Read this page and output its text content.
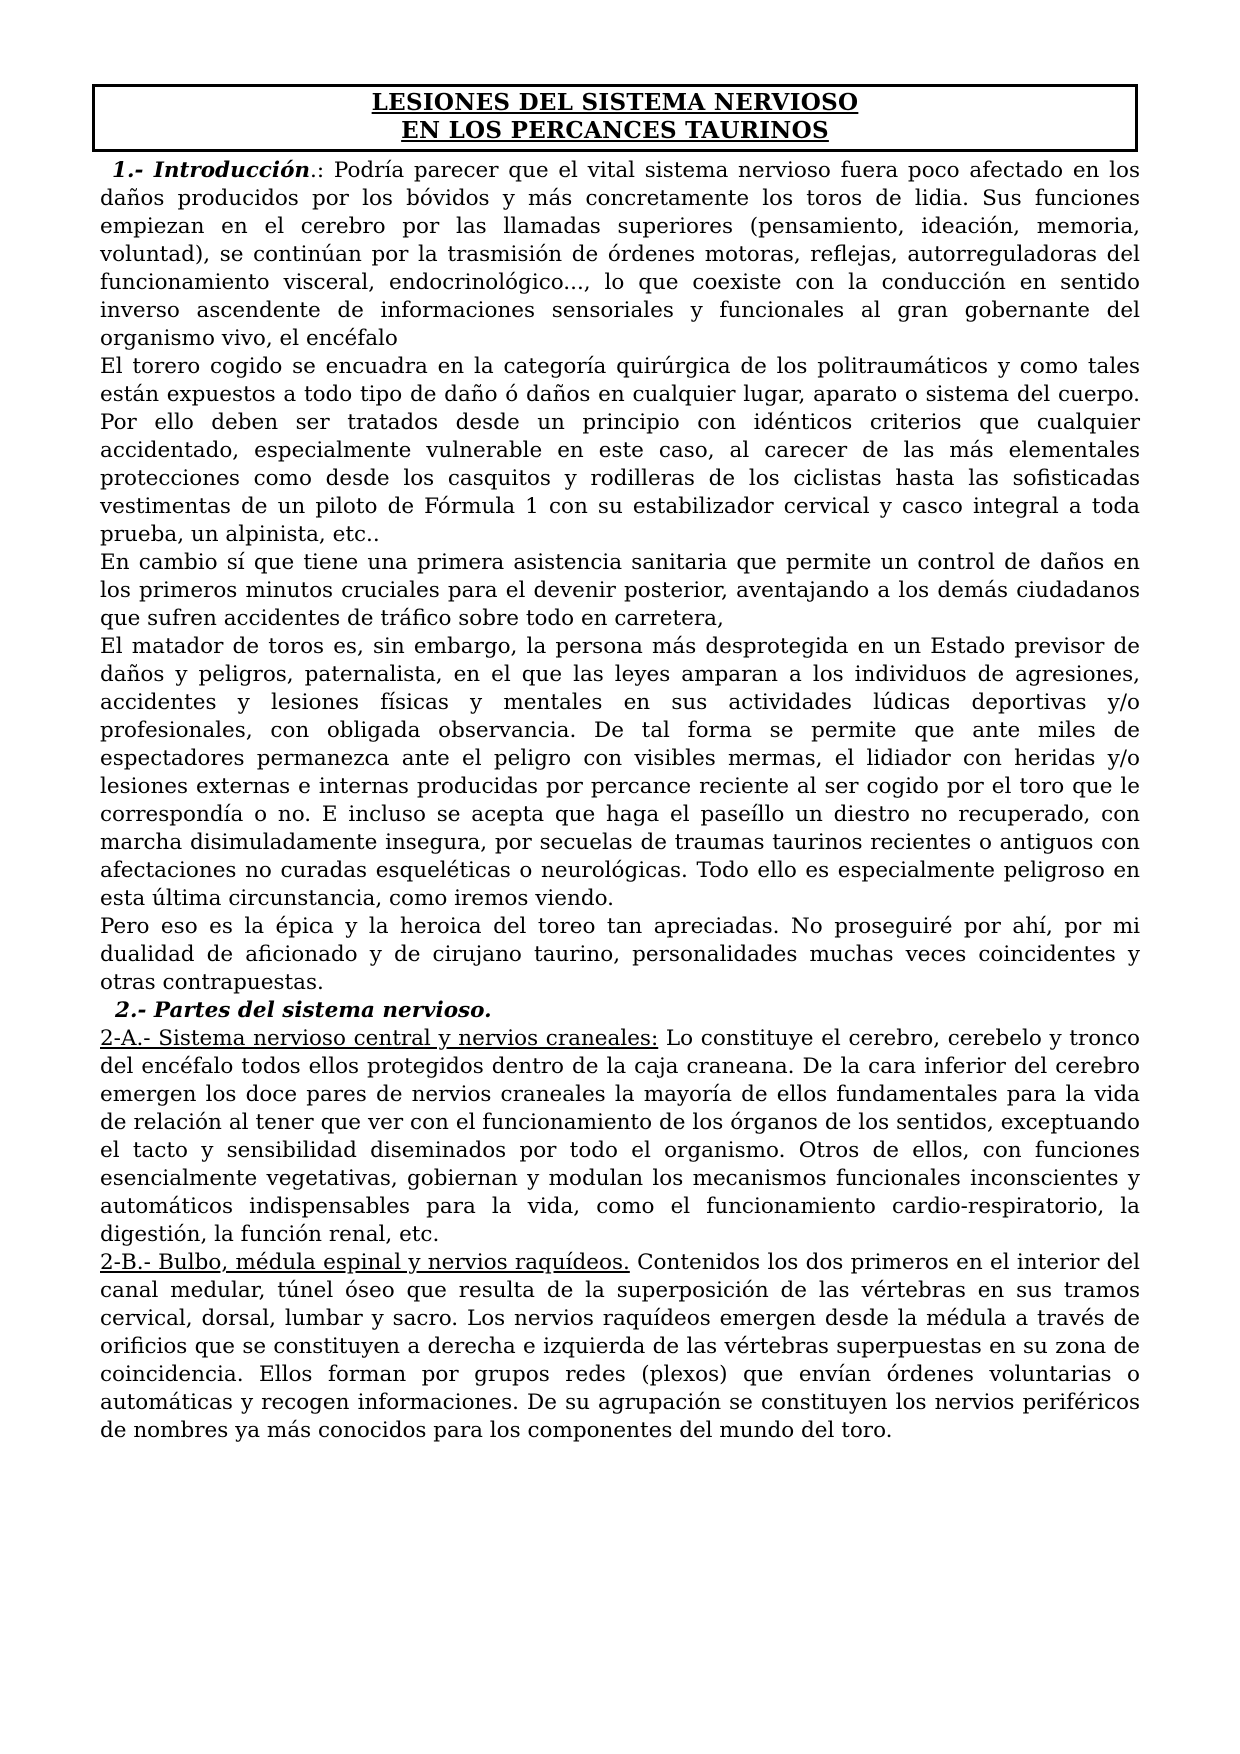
LESIONES DEL SISTEMA NERVIOSO
EN LOS PERCANCES TAURINOS

1.- Introducción.: Podría parecer que el vital sistema nervioso fuera poco afectado en los daños producidos por los bóvidos y más concretamente los toros de lidia. Sus funciones empiezan en el cerebro por las llamadas superiores (pensamiento, ideación, memoria, voluntad), se continúan por la trasmisión de órdenes motoras, reflejas, autorreguladoras del funcionamiento visceral, endocrinológico..., lo que coexiste con la conducción en sentido inverso ascendente de informaciones sensoriales y funcionales al gran gobernante del organismo vivo, el encéfalo

El torero cogido se encuadra en la categoría quirúrgica de los politraumáticos y como tales están expuestos a todo tipo de daño ó daños en cualquier lugar, aparato o sistema del cuerpo. Por ello deben ser tratados desde un principio con idénticos criterios que cualquier accidentado, especialmente vulnerable en este caso, al carecer de las más elementales protecciones como desde los casquitos y rodilleras de los ciclistas hasta las sofisticadas vestimentas de un piloto de Fórmula 1 con su estabilizador cervical y casco integral a toda prueba, un alpinista, etc..

En cambio sí que tiene una primera asistencia sanitaria que permite un control de daños en los primeros minutos cruciales para el devenir posterior, aventajando a los demás ciudadanos que sufren accidentes de tráfico sobre todo en carretera,

El matador de toros es, sin embargo, la persona más desprotegida en un Estado previsor de daños y peligros, paternalista, en el que las leyes amparan a los individuos de agresiones, accidentes y lesiones físicas y mentales en sus actividades lúdicas deportivas y/o profesionales, con obligada observancia. De tal forma se permite que ante miles de espectadores permanezca ante el peligro con visibles mermas, el lidiador con heridas y/o lesiones externas e internas producidas por percance reciente al ser cogido por el toro que le correspondía o no. E incluso se acepta que haga el paseíllo un diestro no recuperado, con marcha disimuladamente insegura, por secuelas de traumas taurinos recientes o antiguos con afectaciones no curadas esqueléticas o neurológicas. Todo ello es especialmente peligroso en esta última circunstancia, como iremos viendo.

Pero eso es la épica y la heroica del toreo tan apreciadas. No proseguiré por ahí, por mi dualidad de aficionado y de cirujano taurino, personalidades muchas veces coincidentes y otras contrapuestas.

2.- Partes del sistema nervioso.

2-A.- Sistema nervioso central y nervios craneales: Lo constituye el cerebro, cerebelo y tronco del encéfalo todos ellos protegidos dentro de la caja craneana. De la cara inferior del cerebro emergen los doce pares de nervios craneales la mayoría de ellos fundamentales para la vida de relación al tener que ver con el funcionamiento de los órganos de los sentidos, exceptuando el tacto y sensibilidad diseminados por todo el organismo. Otros de ellos, con funciones esencialmente vegetativas, gobiernan y modulan los mecanismos funcionales inconscientes y automáticos indispensables para la vida, como el funcionamiento cardio-respiratorio, la digestión, la función renal, etc.

2-B.- Bulbo, médula espinal y nervios raquídeos. Contenidos los dos primeros en el interior del canal medular, túnel óseo que resulta de la superposición de las vértebras en sus tramos cervical, dorsal, lumbar y sacro. Los nervios raquídeos emergen desde la médula a través de orificios que se constituyen a derecha e izquierda de las vértebras superpuestas en su zona de coincidencia. Ellos forman por grupos redes (plexos) que envían órdenes voluntarias o automáticas y recogen informaciones. De su agrupación se constituyen los nervios periféricos de nombres ya más conocidos para los componentes del mundo del toro.
